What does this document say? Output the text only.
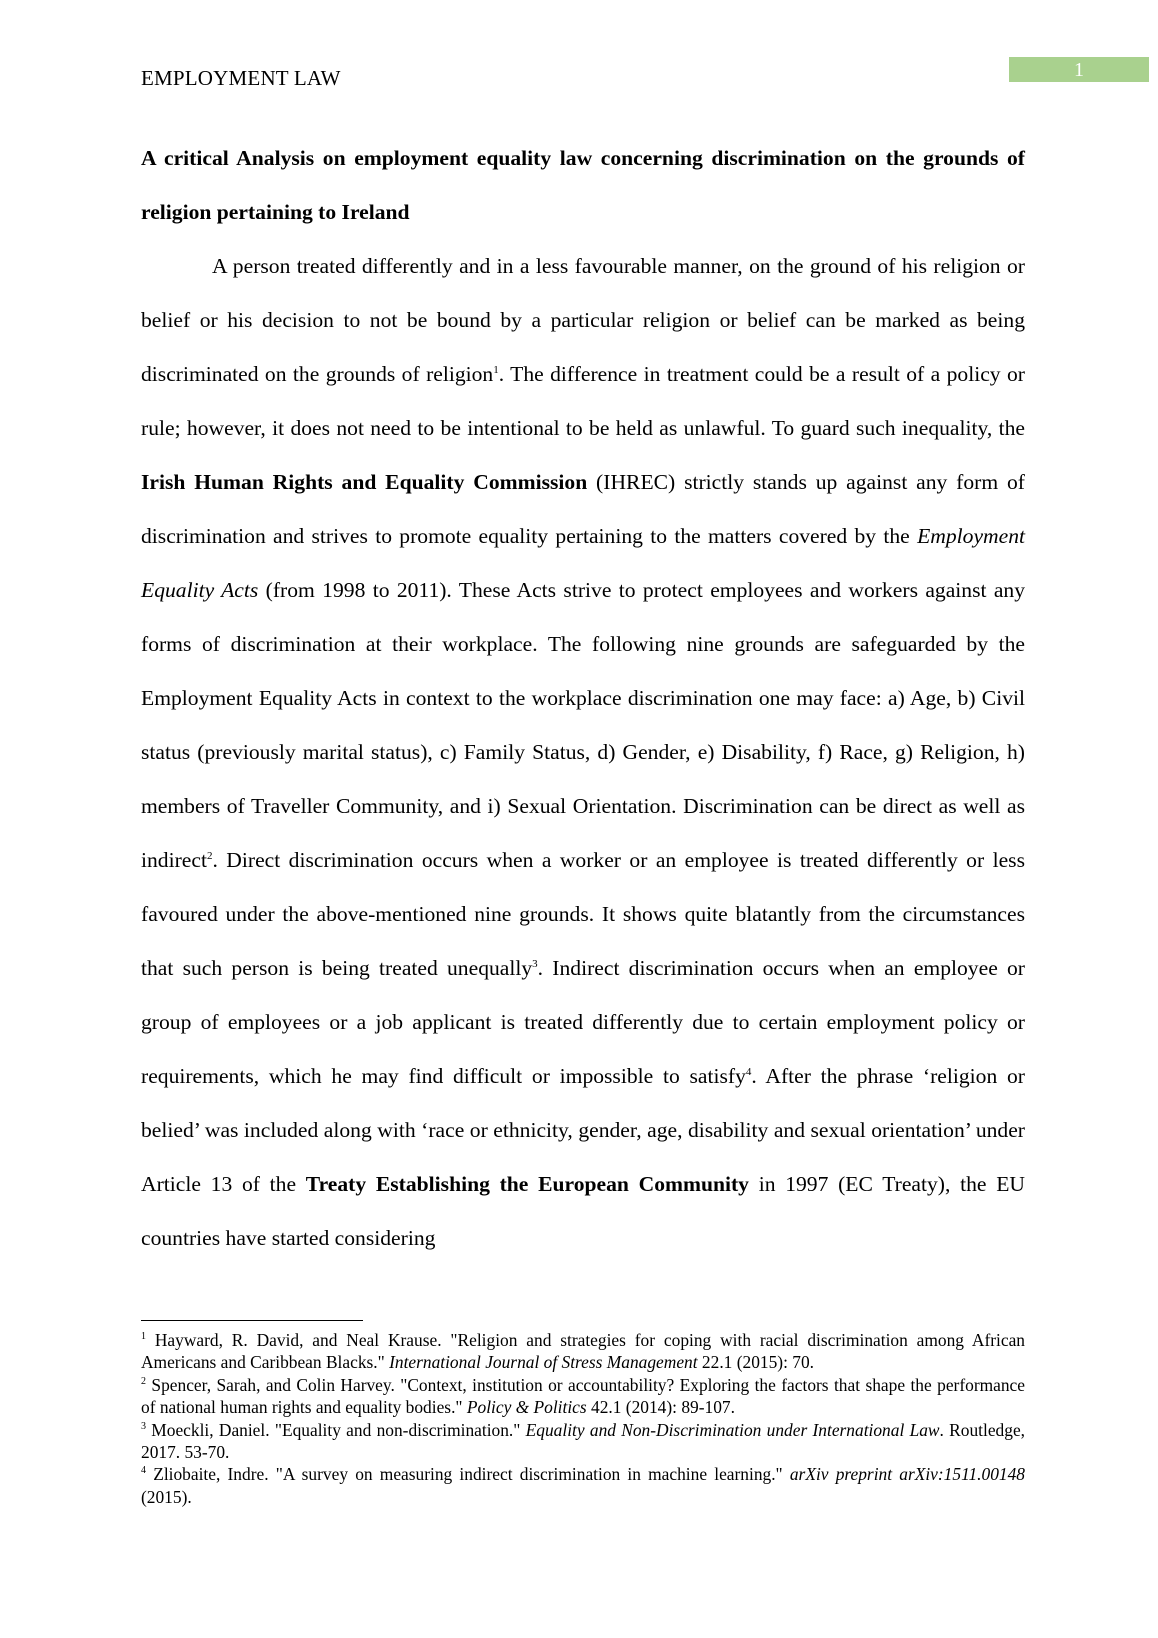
EMPLOYMENT LAW	1

A critical Analysis on employment equality law concerning discrimination on the grounds of religion pertaining to Ireland

A person treated differently and in a less favourable manner, on the ground of his religion or belief or his decision to not be bound by a particular religion or belief can be marked as being discriminated on the grounds of religion$^1$. The difference in treatment could be a result of a policy or rule; however, it does not need to be intentional to be held as unlawful. To guard such inequality, the Irish Human Rights and Equality Commission (IHREC) strictly stands up against any form of discrimination and strives to promote equality pertaining to the matters covered by the Employment Equality Acts (from 1998 to 2011). These Acts strive to protect employees and workers against any forms of discrimination at their workplace. The following nine grounds are safeguarded by the Employment Equality Acts in context to the workplace discrimination one may face: a) Age, b) Civil status (previously marital status), c) Family Status, d) Gender, e) Disability, f) Race, g) Religion, h) members of Traveller Community, and i) Sexual Orientation. Discrimination can be direct as well as indirect$^2$. Direct discrimination occurs when a worker or an employee is treated differently or less favoured under the above-mentioned nine grounds. It shows quite blatantly from the circumstances that such person is being treated unequally$^3$. Indirect discrimination occurs when an employee or group of employees or a job applicant is treated differently due to certain employment policy or requirements, which he may find difficult or impossible to satisfy$^4$. After the phrase ‘religion or belied’ was included along with ‘race or ethnicity, gender, age, disability and sexual orientation’ under Article 13 of the Treaty Establishing the European Community in 1997 (EC Treaty), the EU countries have started considering

$^1$ Hayward, R. David, and Neal Krause. "Religion and strategies for coping with racial discrimination among African Americans and Caribbean Blacks." International Journal of Stress Management 22.1 (2015): 70.

$^2$ Spencer, Sarah, and Colin Harvey. "Context, institution or accountability? Exploring the factors that shape the performance of national human rights and equality bodies." Policy & Politics 42.1 (2014): 89-107.

$^3$ Moeckli, Daniel. "Equality and non-discrimination." Equality and Non-Discrimination under International Law. Routledge, 2017. 53-70.

$^4$ Zliobaite, Indre. "A survey on measuring indirect discrimination in machine learning." arXiv preprint arXiv:1511.00148 (2015).
